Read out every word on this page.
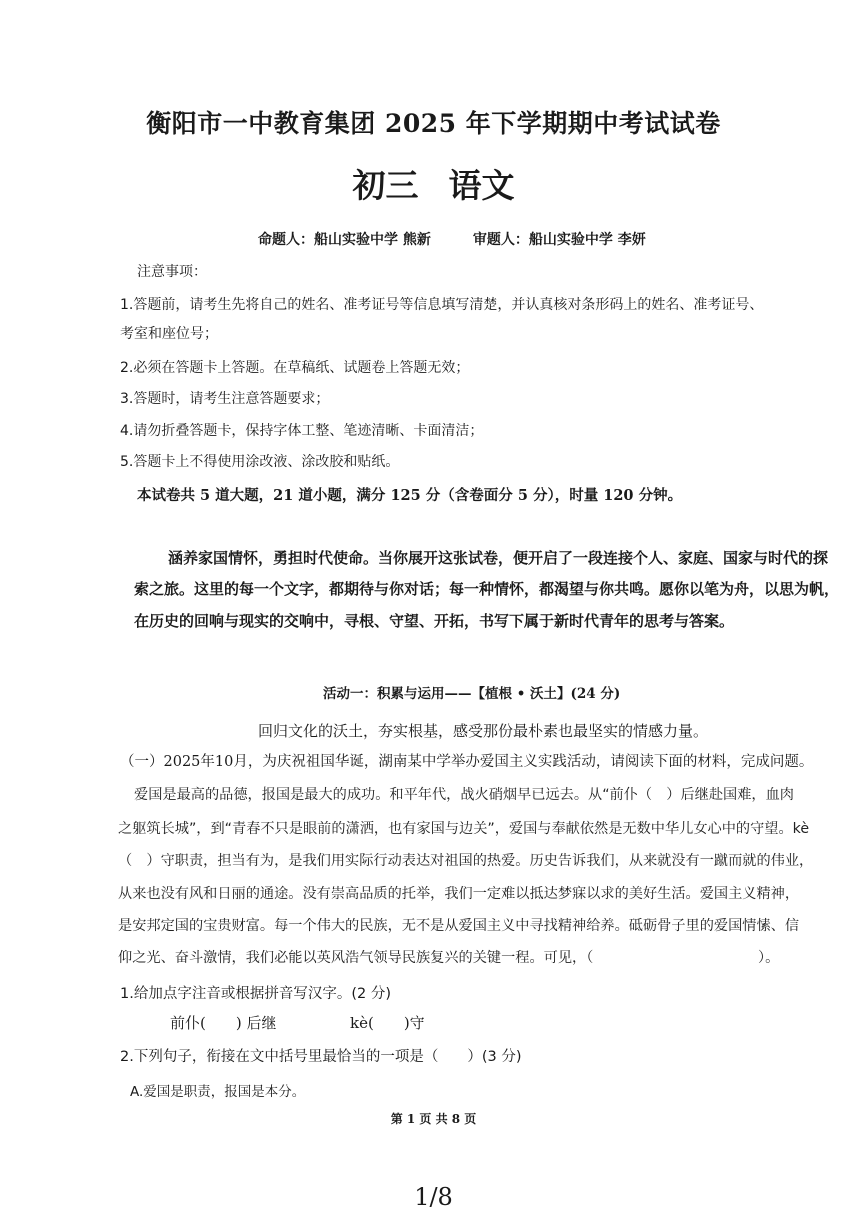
衡阳市一中教育集团 2025 年下学期期中考试试卷
初三 语文
命题人：船山实验中学 熊新	审题人：船山实验中学 李妍
注意事项：
1.答题前，请考生先将自己的姓名、准考证号等信息填写清楚，并认真核对条形码上的姓名、准考证号、
考室和座位号；
2.必须在答题卡上答题。在草稿纸、试题卷上答题无效；
3.答题时，请考生注意答题要求；
4.请勿折叠答题卡，保持字体工整、笔迹清晰、卡面清洁；
5.答题卡上不得使用涂改液、涂改胶和贴纸。
本试卷共 5 道大题，21 道小题，满分 125 分（含卷面分 5 分），时量 120 分钟。
涵养家国情怀，勇担时代使命。当你展开这张试卷，便开启了一段连接个人、家庭、国家与时代的探
索之旅。这里的每一个文字，都期待与你对话；每一种情怀，都渴望与你共鸣。愿你以笔为舟，以思为帆，
在历史的回响与现实的交响中，寻根、守望、开拓，书写下属于新时代青年的思考与答案。
活动一：积累与运用——【植根 • 沃土】(24 分)
回归文化的沃土，夯实根基，感受那份最朴素也最坚实的情感力量。
（一）2025年10月，为庆祝祖国华诞，湖南某中学举办爱国主义实践活动，请阅读下面的材料，完成问题。
爱国是最高的品德，报国是最大的成功。和平年代，战火硝烟早已远去。从“前仆（　）后继赴国难，血肉
之躯筑长城”，到“青春不只是眼前的潇洒，也有家国与边关”，爱国与奉献依然是无数中华儿女心中的守望。kè
（　）守职责，担当有为，是我们用实际行动表达对祖国的热爱。历史告诉我们，从来就没有一蹴而就的伟业，
从来也没有风和日丽的通途。没有崇高品质的托举，我们一定难以抵达梦寐以求的美好生活。爱国主义精神，
是安邦定国的宝贵财富。每一个伟大的民族，无不是从爱国主义中寻找精神给养。砥砺骨子里的爱国情愫、信
仰之光、奋斗激情，我们必能以英风浩气领导民族复兴的关键一程。可见，（	）。
1.给加点字注音或根据拼音写汉字。(2 分)
前仆(　　) 后继	kè(　　)守
2.下列句子，衔接在文中括号里最恰当的一项是（　　）(3 分)
A.爱国是职责，报国是本分。
第 1 页 共 8 页
1/8
